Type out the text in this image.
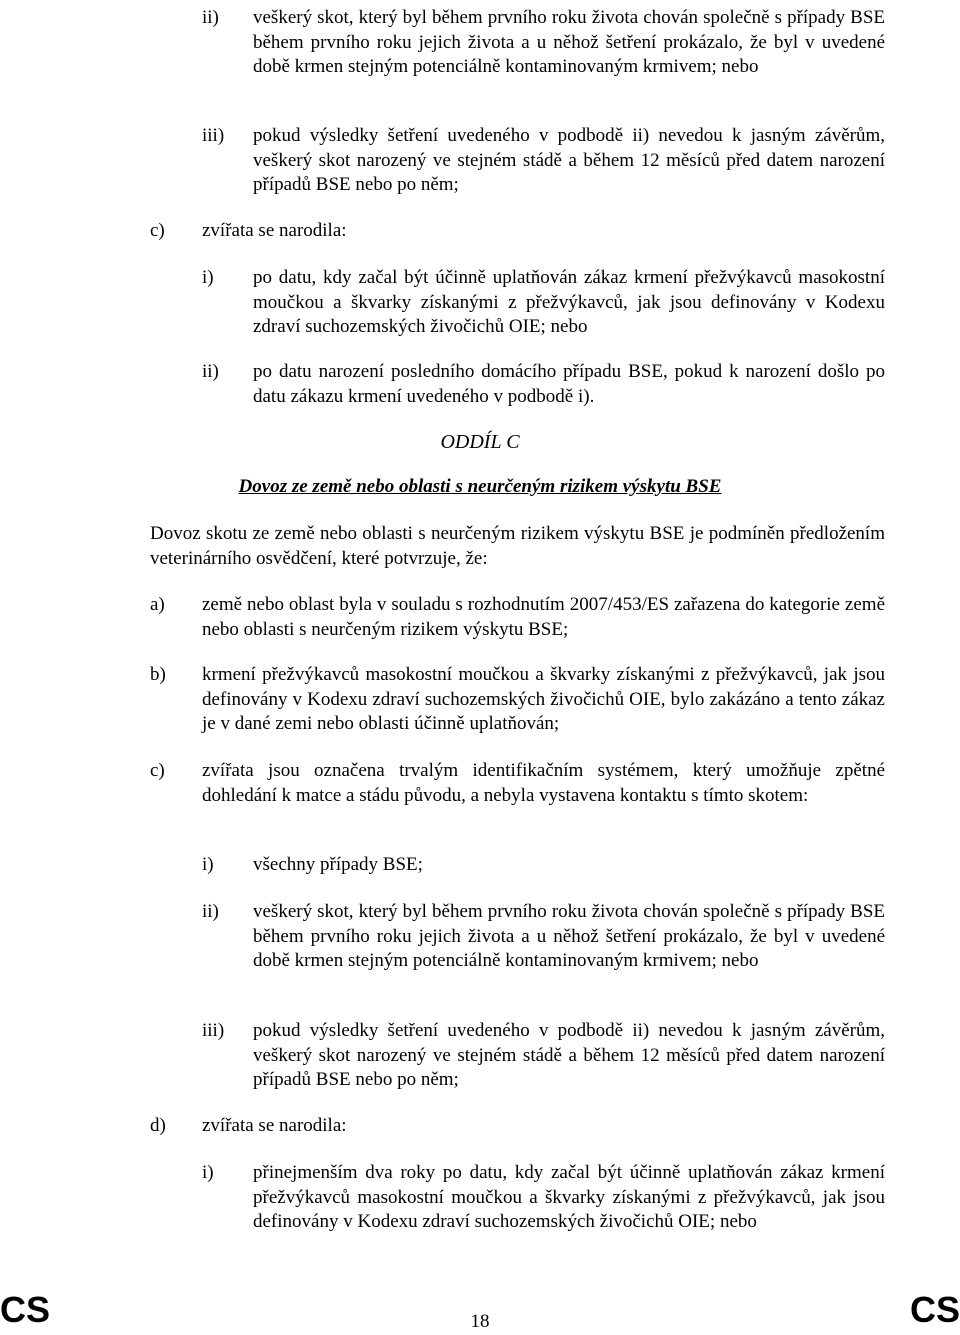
ii) veškerý skot, který byl během prvního roku života chován společně s případy BSE během prvního roku jejich života a u něhož šetření prokázalo, že byl v uvedené době krmen stejným potenciálně kontaminovaným krmivem; nebo
iii) pokud výsledky šetření uvedeného v podbodě ii) nevedou k jasným závěrům, veškerý skot narozený ve stejném stádě a během 12 měsíců před datem narození případů BSE nebo po něm;
c) zvířata se narodila:
i) po datu, kdy začal být účinně uplatňován zákaz krmení přežvýkavců masokostní moučkou a škvarky získanými z přežvýkavců, jak jsou definovány v Kodexu zdraví suchozemských živočichů OIE; nebo
ii) po datu narození posledního domácího případu BSE, pokud k narození došlo po datu zákazu krmení uvedeného v podbodě i).
ODDÍL C
Dovoz ze země nebo oblasti s neurčeným rizikem výskytu BSE
Dovoz skotu ze země nebo oblasti s neurčeným rizikem výskytu BSE je podmíněn předložením veterinárního osvědčení, které potvrzuje, že:
a) země nebo oblast byla v souladu s rozhodnutím 2007/453/ES zařazena do kategorie země nebo oblasti s neurčeným rizikem výskytu BSE;
b) krmení přežvýkavců masokostní moučkou a škvarky získanými z přežvýkavců, jak jsou definovány v Kodexu zdraví suchozemských živočichů OIE, bylo zakázáno a tento zákaz je v dané zemi nebo oblasti účinně uplatňován;
c) zvířata jsou označena trvalým identifikačním systémem, který umožňuje zpětné dohledání k matce a stádu původu, a nebyla vystavena kontaktu s tímto skotem:
i) všechny případy BSE;
ii) veškerý skot, který byl během prvního roku života chován společně s případy BSE během prvního roku jejich života a u něhož šetření prokázalo, že byl v uvedené době krmen stejným potenciálně kontaminovaným krmivem; nebo
iii) pokud výsledky šetření uvedeného v podbodě ii) nevedou k jasným závěrům, veškerý skot narozený ve stejném stádě a během 12 měsíců před datem narození případů BSE nebo po něm;
d) zvířata se narodila:
i) přinejmenším dva roky po datu, kdy začal být účinně uplatňován zákaz krmení přežvýkavců masokostní moučkou a škvarky získanými z přežvýkavců, jak jsou definovány v Kodexu zdraví suchozemských živočichů OIE; nebo
CS	18	CS
